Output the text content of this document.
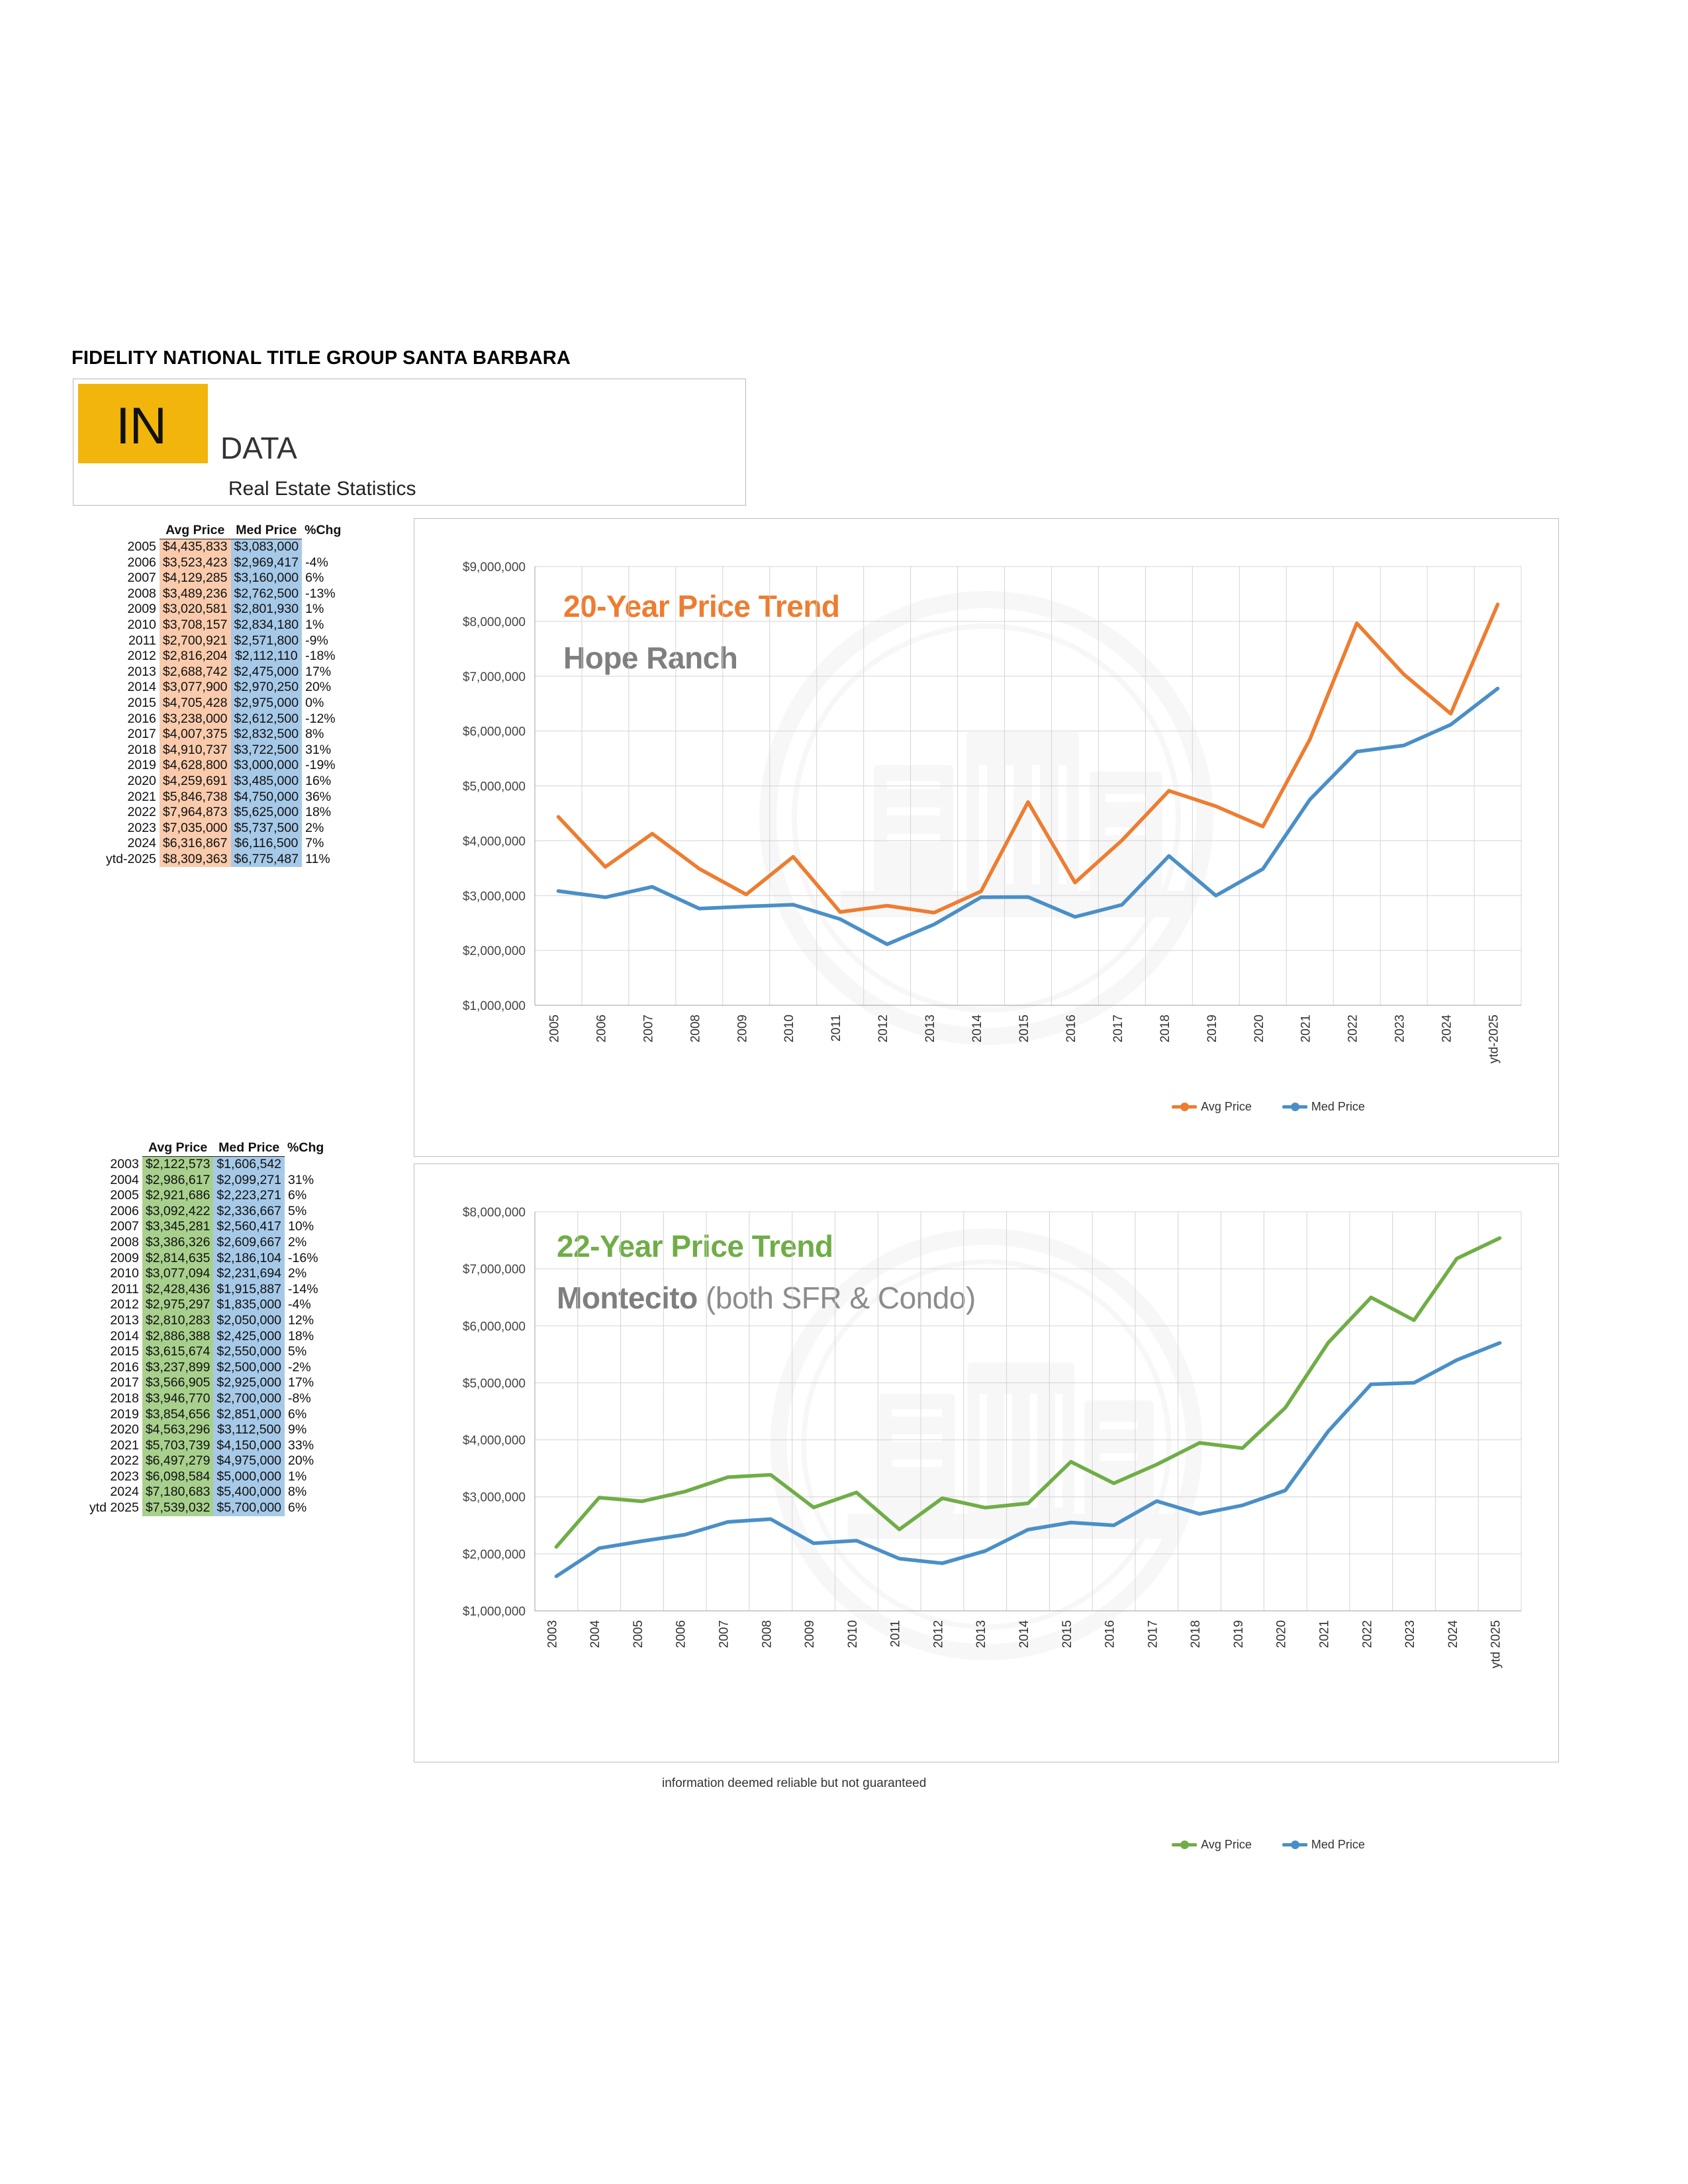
FIDELITY NATIONAL TITLE GROUP SANTA BARBARA
IN DATA
Real Estate Statistics
	Avg Price	Med Price	%Chg
2005	$4,435,833	$3,083,000	
2006	$3,523,423	$2,969,417	-4%
2007	$4,129,285	$3,160,000	6%
2008	$3,489,236	$2,762,500	-13%
2009	$3,020,581	$2,801,930	1%
2010	$3,708,157	$2,834,180	1%
2011	$2,700,921	$2,571,800	-9%
2012	$2,816,204	$2,112,110	-18%
2013	$2,688,742	$2,475,000	17%
2014	$3,077,900	$2,970,250	20%
2015	$4,705,428	$2,975,000	0%
2016	$3,238,000	$2,612,500	-12%
2017	$4,007,375	$2,832,500	8%
2018	$4,910,737	$3,722,500	31%
2019	$4,628,800	$3,000,000	-19%
2020	$4,259,691	$3,485,000	16%
2021	$5,846,738	$4,750,000	36%
2022	$7,964,873	$5,625,000	18%
2023	$7,035,000	$5,737,500	2%
2024	$6,316,867	$6,116,500	7%
ytd-2025	$8,309,363	$6,775,487	11%
	Avg Price	Med Price	%Chg
2003	$2,122,573	$1,606,542	
2004	$2,986,617	$2,099,271	31%
2005	$2,921,686	$2,223,271	6%
2006	$3,092,422	$2,336,667	5%
2007	$3,345,281	$2,560,417	10%
2008	$3,386,326	$2,609,667	2%
2009	$2,814,635	$2,186,104	-16%
2010	$3,077,094	$2,231,694	2%
2011	$2,428,436	$1,915,887	-14%
2012	$2,975,297	$1,835,000	-4%
2013	$2,810,283	$2,050,000	12%
2014	$2,886,388	$2,425,000	18%
2015	$3,615,674	$2,550,000	5%
2016	$3,237,899	$2,500,000	-2%
2017	$3,566,905	$2,925,000	17%
2018	$3,946,770	$2,700,000	-8%
2019	$3,854,656	$2,851,000	6%
2020	$4,563,296	$3,112,500	9%
2021	$5,703,739	$4,150,000	33%
2022	$6,497,279	$4,975,000	20%
2023	$6,098,584	$5,000,000	1%
2024	$7,180,683	$5,400,000	8%
ytd 2025	$7,539,032	$5,700,000	6%
20-Year Price Trend
Hope Ranch
$1,000,000
$2,000,000
$3,000,000
$4,000,000
$5,000,000
$6,000,000
$7,000,000
$8,000,000
$9,000,000
2005	2006	2007	2008	2009	2010	2011	2012	2013	2014	2015	2016	2017	2018	2019	2020	2021	2022	2023	2024	ytd-2025
Avg Price	Med Price
22-Year Price Trend
Montecito (both SFR & Condo)
$1,000,000
$2,000,000
$3,000,000
$4,000,000
$5,000,000
$6,000,000
$7,000,000
$8,000,000
2003 2004 2005 2006 2007 2008 2009 2010 2011 2012 2013 2014 2015 2016 2017 2018 2019 2020 2021 2022 2023 2024 ytd 2025
Avg Price	Med Price
information deemed reliable but not guaranteed
